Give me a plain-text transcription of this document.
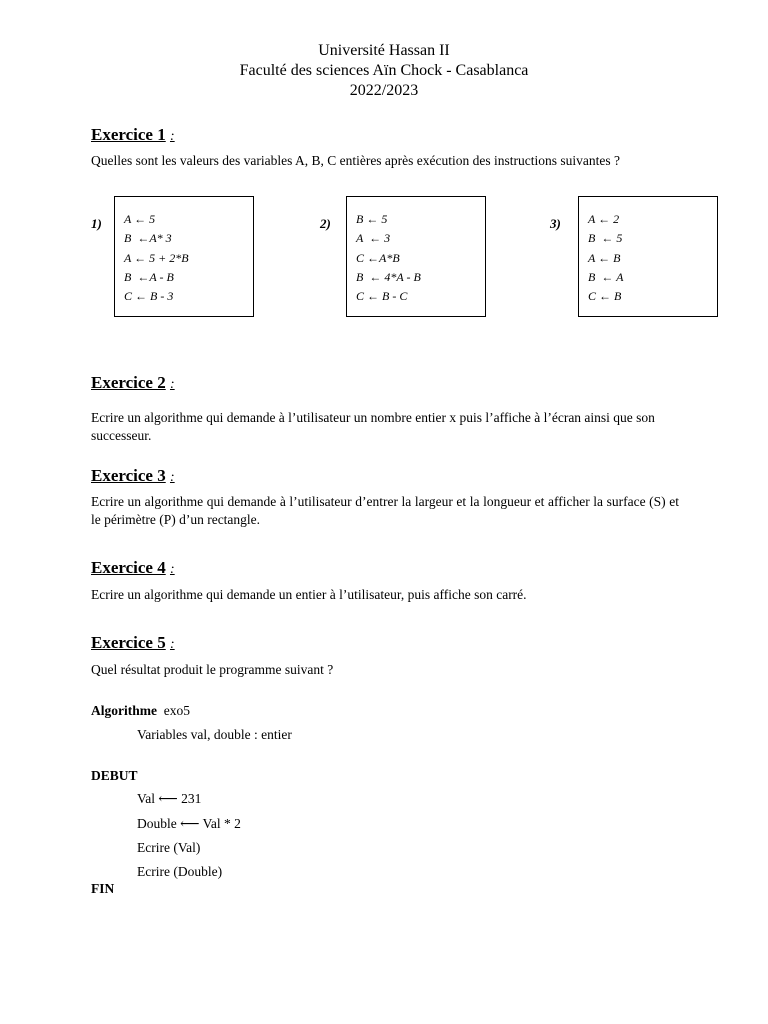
Université Hassan II
Faculté des sciences Aïn Chock - Casablanca
2022/2023
Exercice 1 :
Quelles sont les valeurs des variables A, B, C entières après exécution des instructions suivantes ?
1) A ← 5
B  ←A* 3
A ← 5 + 2*B
B  ←A - B
C ← B - 3
2) B ← 5
A  ← 3
C ←A*B
B  ← 4*A - B
C ← B - C
3) A ← 2
B  ← 5
A ← B
B  ← A
C ← B
Exercice 2 :
Ecrire un algorithme qui demande à l’utilisateur un nombre entier x puis l’affiche à l’écran ainsi que son successeur.
Exercice 3 :
Ecrire un algorithme qui demande à l’utilisateur d’entrer la largeur et la longueur et afficher la surface (S) et le périmètre (P) d’un rectangle.
Exercice 4 :
Ecrire un algorithme qui demande un entier à l’utilisateur, puis affiche son carré.
Exercice 5 :
Quel résultat produit le programme suivant ?
Algorithme exo5
Variables val, double : entier
DEBUT
Val ⟵ 231
Double ⟵ Val * 2
Ecrire (Val)
Ecrire (Double)
FIN
